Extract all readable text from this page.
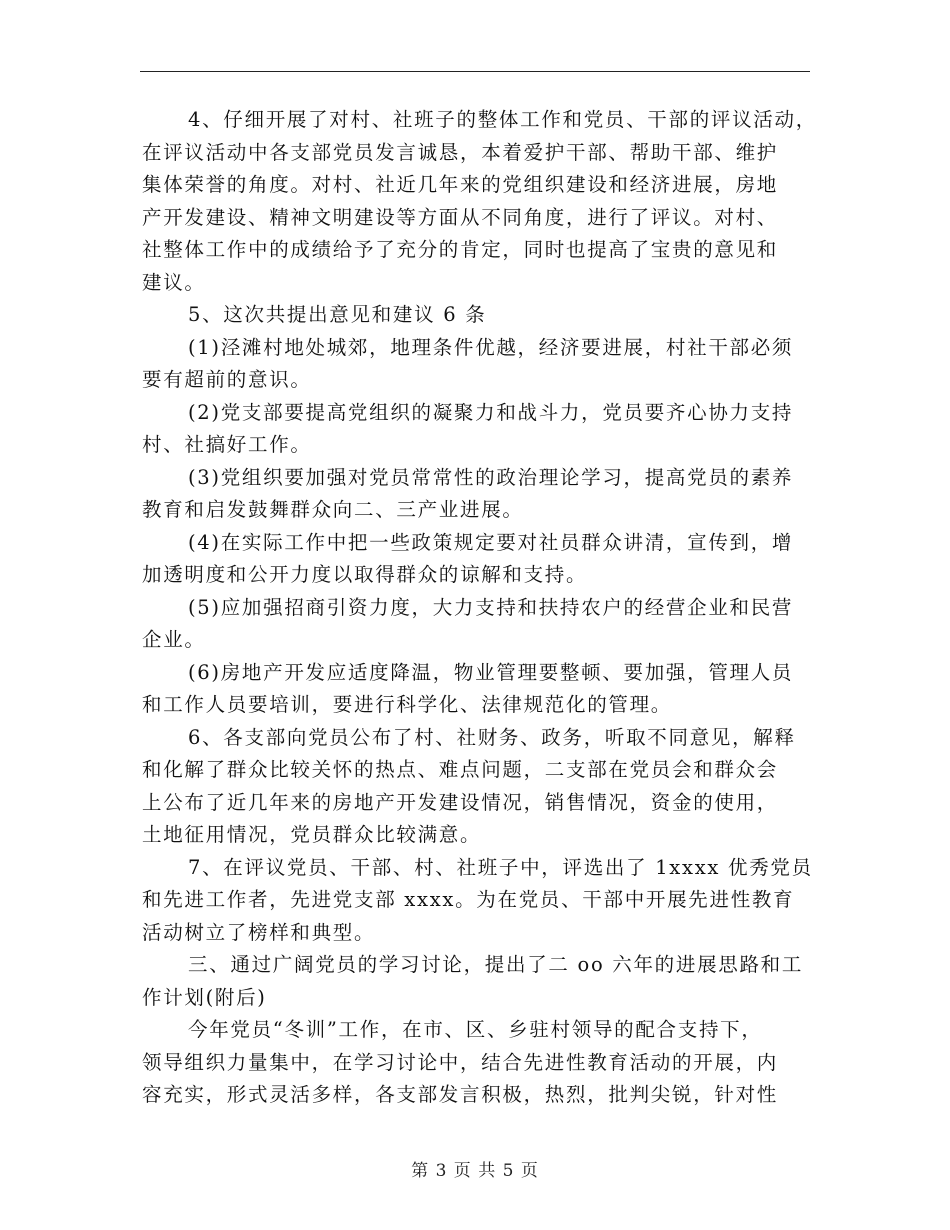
4、仔细开展了对村、社班子的整体工作和党员、干部的评议活动，
在评议活动中各支部党员发言诚恳，本着爱护干部、帮助干部、维护
集体荣誉的角度。对村、社近几年来的党组织建设和经济进展，房地
产开发建设、精神文明建设等方面从不同角度，进行了评议。对村、
社整体工作中的成绩给予了充分的肯定，同时也提高了宝贵的意见和
建议。
5、这次共提出意见和建议 6 条
(1)泾滩村地处城郊，地理条件优越，经济要进展，村社干部必须
要有超前的意识。
(2)党支部要提高党组织的凝聚力和战斗力，党员要齐心协力支持
村、社搞好工作。
(3)党组织要加强对党员常常性的政治理论学习，提高党员的素养
教育和启发鼓舞群众向二、三产业进展。
(4)在实际工作中把一些政策规定要对社员群众讲清，宣传到，增
加透明度和公开力度以取得群众的谅解和支持。
(5)应加强招商引资力度，大力支持和扶持农户的经营企业和民营
企业。
(6)房地产开发应适度降温，物业管理要整顿、要加强，管理人员
和工作人员要培训，要进行科学化、法律规范化的管理。
6、各支部向党员公布了村、社财务、政务，听取不同意见，解释
和化解了群众比较关怀的热点、难点问题，二支部在党员会和群众会
上公布了近几年来的房地产开发建设情况，销售情况，资金的使用，
土地征用情况，党员群众比较满意。
7、在评议党员、干部、村、社班子中，评选出了 1xxxx 优秀党员
和先进工作者，先进党支部 xxxx。为在党员、干部中开展先进性教育
活动树立了榜样和典型。
三、通过广阔党员的学习讨论，提出了二 oo 六年的进展思路和工
作计划(附后)
今年党员“冬训”工作，在市、区、乡驻村领导的配合支持下，
领导组织力量集中，在学习讨论中，结合先进性教育活动的开展，内
容充实，形式灵活多样，各支部发言积极，热烈，批判尖锐，针对性
第 3 页 共 5 页
